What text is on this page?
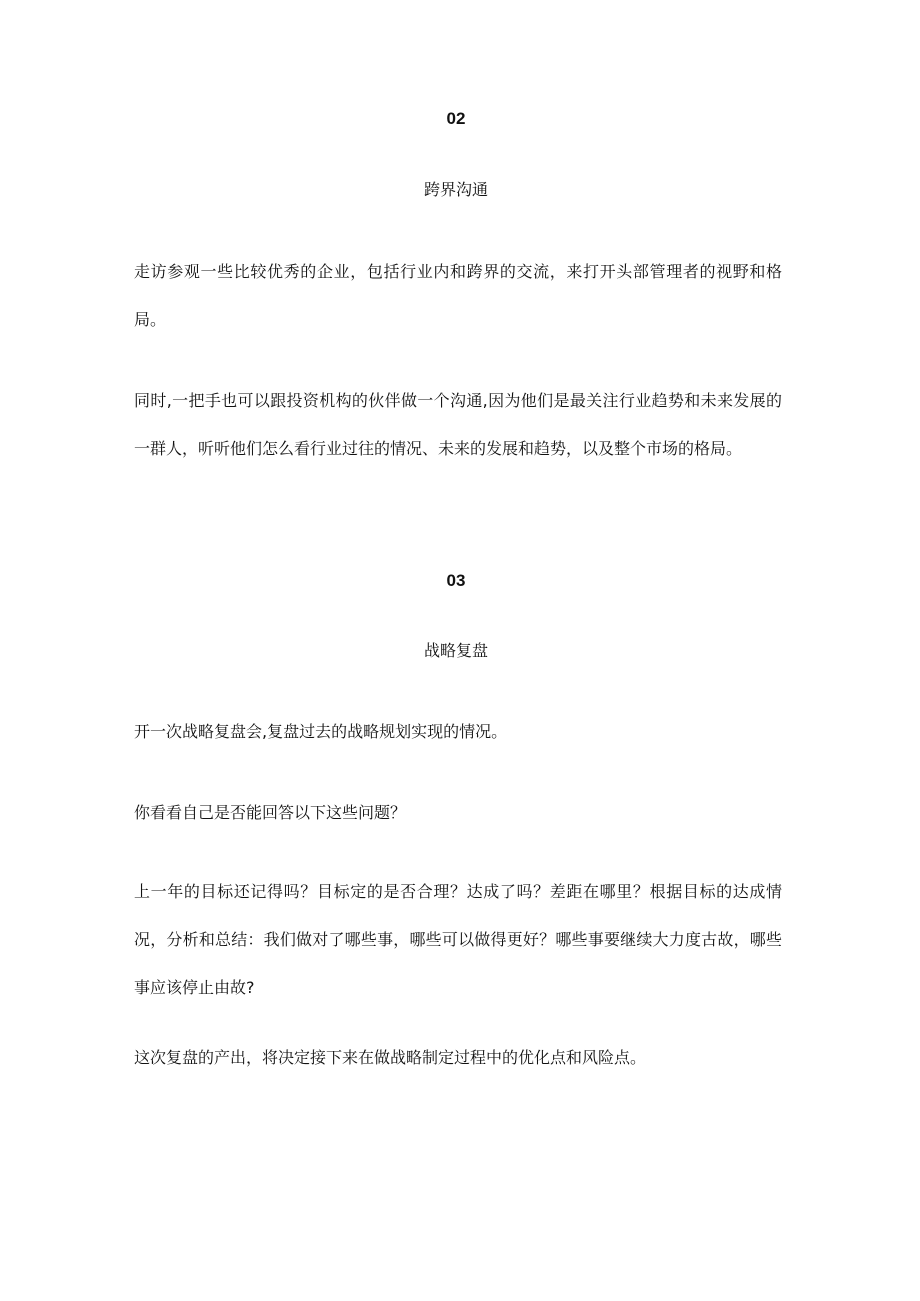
02
跨界沟通

走访参观一些比较优秀的企业，包括行业内和跨界的交流，来打开头部管理者的视野和格局。

同时,一把手也可以跟投资机构的伙伴做一个沟通,因为他们是最关注行业趋势和未来发展的一群人，听听他们怎么看行业过往的情况、未来的发展和趋势，以及整个市场的格局。

03
战略复盘

开一次战略复盘会,复盘过去的战略规划实现的情况。

你看看自己是否能回答以下这些问题？

上一年的目标还记得吗？目标定的是否合理？达成了吗？差距在哪里？根据目标的达成情况，分析和总结：我们做对了哪些事，哪些可以做得更好？哪些事要继续大力度古故，哪些事应该停止由故?

这次复盘的产出，将决定接下来在做战略制定过程中的优化点和风险点。
